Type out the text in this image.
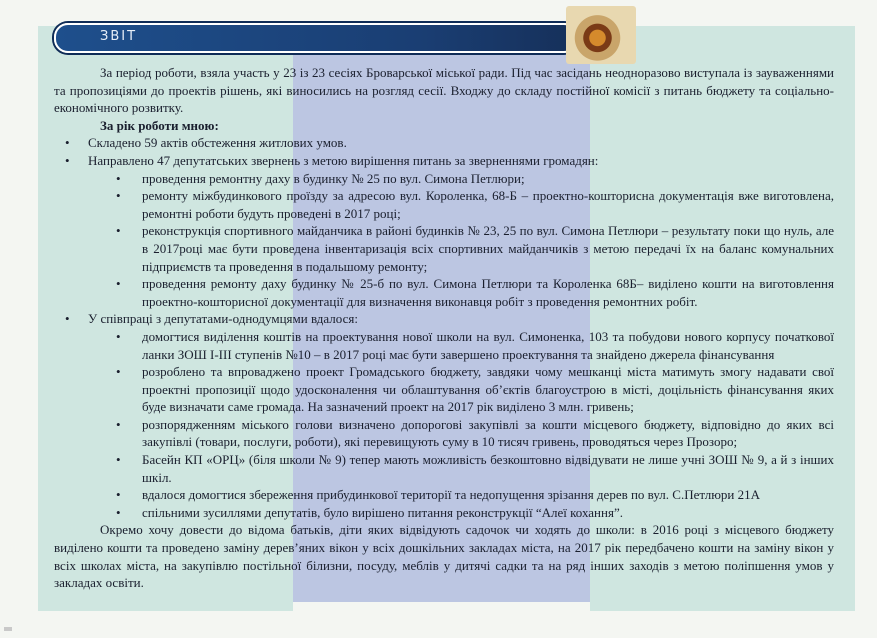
ЗВІТ

За період роботи, взяла участь у 23 із 23 сесіях Броварської міської ради. Під час засідань неодноразово виступала із зауваженнями та пропозиціями до проектів рішень, які виносились на розгляд сесії. Входжу до складу постійної комісії з питань бюджету та соціально-економічного розвитку.

За рік роботи мною:

• Складено 59 актів обстеження житлових умов.
• Направлено 47 депутатських звернень з метою вирішення питань за зверненнями громадян:
• проведення ремонтну даху в будинку № 25 по вул. Симона Петлюри;
• ремонту міжбудинкового проїзду за адресою вул. Короленка, 68-Б – проектно-кошторисна документація вже виготовлена, ремонтні роботи будуть проведені в 2017 році;
• реконструкція спортивного майданчика в районі будинків № 23, 25 по вул. Симона Петлюри – результату поки що нуль, але в 2017році має бути проведена інвентаризація всіх спортивних майданчиків з метою передачі їх на баланс комунальних підприємств та проведення в подальшому ремонту;
• проведення ремонту даху будинку № 25-б по вул. Симона Петлюри та Короленка 68Б– виділено кошти на виготовлення проектно-кошторисної документації для визначення виконавця робіт з проведення ремонтних робіт.
• У співпраці з депутатами-однодумцями вдалося:
• домогтися виділення коштів на проектування нової школи на вул. Симоненка, 103 та побудови нового корпусу початкової ланки ЗОШ I-III ступенів №10 – в 2017 році має бути завершено проектування та знайдено джерела фінансування
• розроблено та впроваджено проект Громадського бюджету, завдяки чому мешканці міста матимуть змогу надавати свої проектні пропозиції щодо удосконалення чи облаштування об’єктів благоустрою в місті, доцільність фінансування яких буде визначати саме громада. На зазначений проект на 2017 рік виділено 3 млн. гривень;
• розпорядженням міського голови визначено допорогові закупівлі за кошти місцевого бюджету, відповідно до яких всі закупівлі (товари, послуги, роботи), які перевищують суму в 10 тисяч гривень, проводяться через Прозоро;
• Басейн КП «ОРЦ» (біля школи № 9) тепер мають можливість безкоштовно відвідувати не лише учні ЗОШ № 9, а й з інших шкіл.
• вдалося домогтися збереження прибудинкової території та недопущення зрізання дерев по вул. С.Петлюри 21А
• спільними зусиллями депутатів, було вирішено питання реконструкції “Алеї кохання”.

Окремо хочу довести до відома батьків, діти яких відвідують садочок чи ходять до школи: в 2016 році з місцевого бюджету виділено кошти та проведено заміну дерев’яних вікон у всіх дошкільних закладах міста, на 2017 рік передбачено кошти на заміну вікон у всіх школах міста, на закупівлю постільної білизни, посуду, меблів у дитячі садки та на ряд інших заходів з метою поліпшення умов у закладах освіти.
